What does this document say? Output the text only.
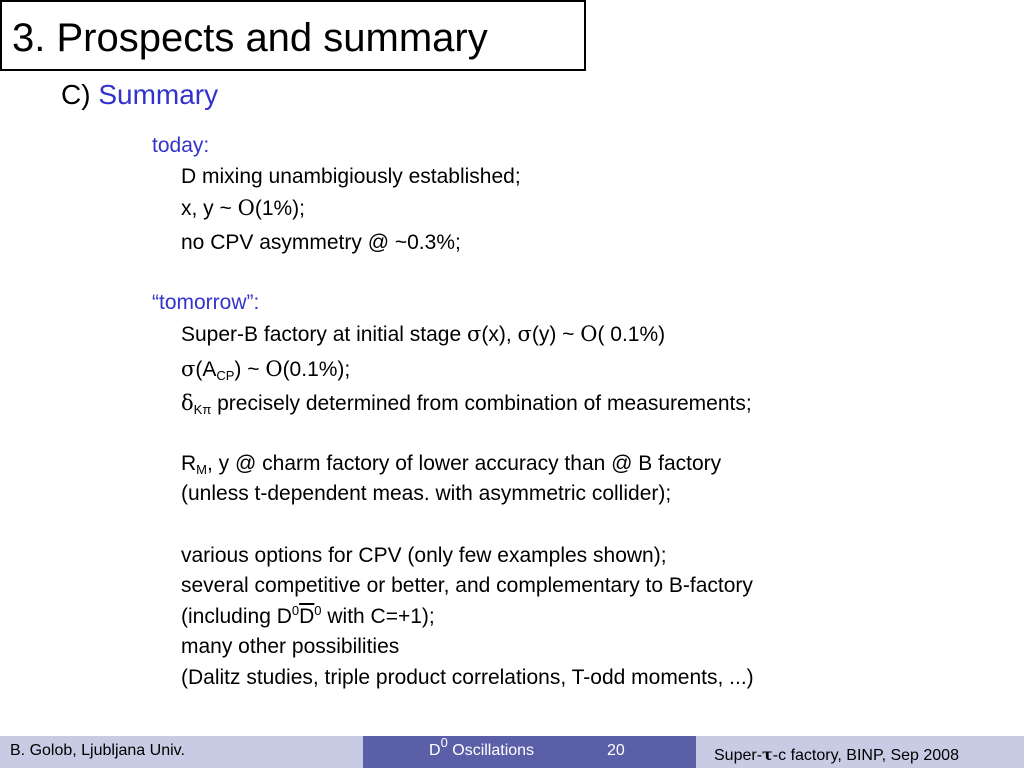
3. Prospects and summary
C) Summary
today:
D mixing unambigiously established;
x, y ~ O(1%);
no CPV asymmetry @ ~0.3%;
“tomorrow”:
Super-B factory at initial stage σ(x), σ(y) ~ O( 0.1%)
$\sigma(A_{CP})$ ~ O(0.1%);
$\delta_{K\pi}$ precisely determined from combination of measurements;
$R_M$, y @ charm factory of lower accuracy than @ B factory
(unless t-dependent meas. with asymmetric collider);
various options for CPV (only few examples shown);
several competitive or better, and complementary to B-factory
(including $D^0\overline{D}^0$ with C=+1);
many other possibilities
(Dalitz studies, triple product correlations, T-odd moments, ...)
B. Golob, Ljubljana Univ.	$D^0$ Oscillations	20	Super-τ-c factory, BINP, Sep 2008
